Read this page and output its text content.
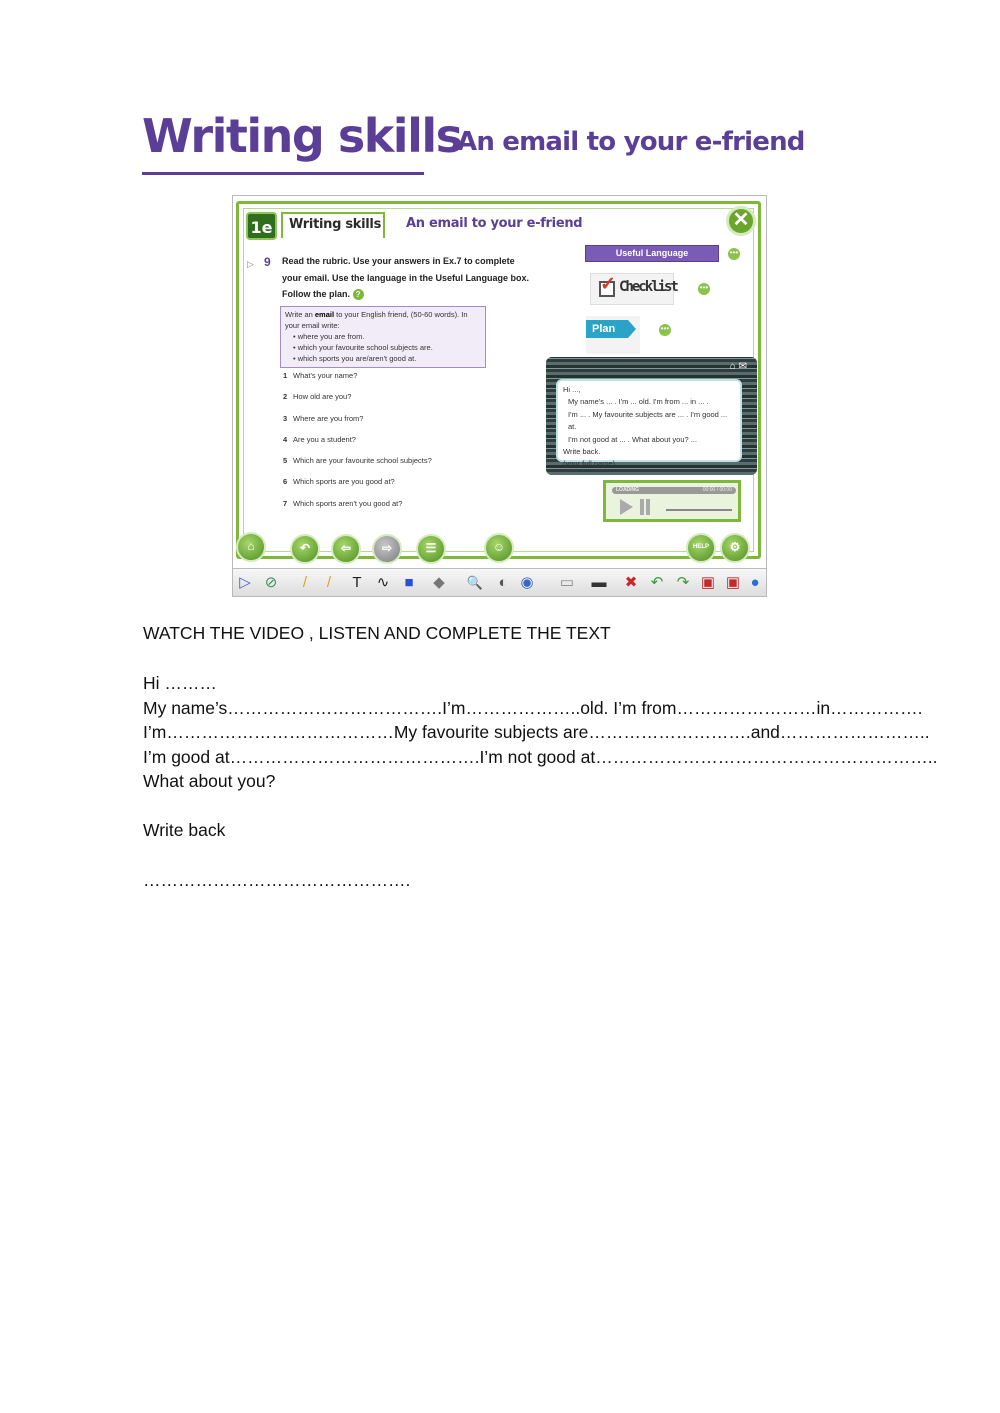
Writing skills
An email to your e-friend
1e	Writing skills	An email to your e-friend	✕
▷ 9 Read the rubric. Use your answers in Ex.7 to complete
your email. Use the language in the Useful Language box.
Follow the plan. ?
Write an email to your English friend, (50-60 words). In your email write:
• where you are from.
• which your favourite school subjects are.
• which sports you are/aren't good at.
1 What's your name?
2 How old are you?
3 Where are you from?
4 Are you a student?
5 Which are your favourite school subjects?
6 Which sports are you good at?
7 Which sports aren't you good at?
Useful Language	•••
✓ Checklist	•••
Plan	•••
⌂ ✉
Hi ...,
My name's ... . I'm ... old. I'm from ... in ... .
I'm ... . My favourite subjects are ... . I'm good ... at.
I'm not good at ... . What about you? ...
Write back.
(your full name)
LOADING	00:00 / 00:00
⌂	↶	⇦	⇨	☰	☺	HELP	⚙
▷ ⊘	/	/	T	∿	■	◆	🔍	◐ ◉ ▭ ▬ ✖ ↶ ↷ ▣ ▣ ●
WATCH THE VIDEO , LISTEN AND COMPLETE THE TEXT
Hi ………
My name’s……………………………….I’m………………..old. I’m from……………………in…………….
I’m…………………………………My favourite subjects are……………………….and……………………..
I’m good at…………………………………….I’m not good at…………………………………………………..
What about you?
Write back
……………………………………….
